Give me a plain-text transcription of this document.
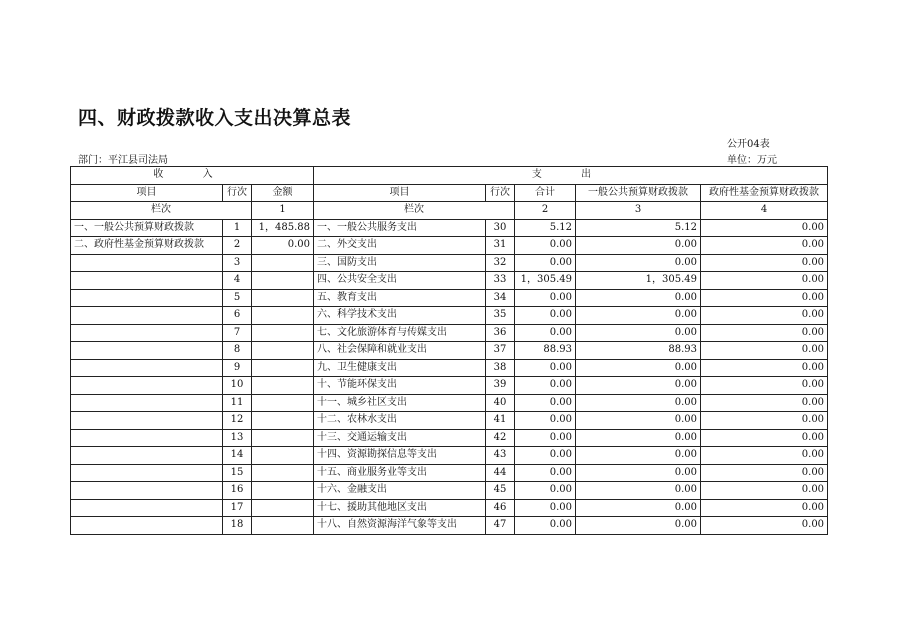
四、财政拨款收入支出决算总表
公开04表
部门：平江县司法局	单位：万元
收 入			支 出				
项目	行次	金额	项目	行次	合计	一般公共预算财政拨款	政府性基金预算财政拨款
栏次		1	栏次		2	3	4
一、一般公共预算财政拨款	1	1，485.88	一、一般公共服务支出	30	5.12	5.12	0.00
二、政府性基金预算财政拨款	2	0.00	二、外交支出	31	0.00	0.00	0.00
	3		三、国防支出	32	0.00	0.00	0.00
	4		四、公共安全支出	33	1，305.49	1，305.49	0.00
	5		五、教育支出	34	0.00	0.00	0.00
	6		六、科学技术支出	35	0.00	0.00	0.00
	7		七、文化旅游体育与传媒支出	36	0.00	0.00	0.00
	8		八、社会保障和就业支出	37	88.93	88.93	0.00
	9		九、卫生健康支出	38	0.00	0.00	0.00
	10		十、节能环保支出	39	0.00	0.00	0.00
	11		十一、城乡社区支出	40	0.00	0.00	0.00
	12		十二、农林水支出	41	0.00	0.00	0.00
	13		十三、交通运输支出	42	0.00	0.00	0.00
	14		十四、资源勘探信息等支出	43	0.00	0.00	0.00
	15		十五、商业服务业等支出	44	0.00	0.00	0.00
	16		十六、金融支出	45	0.00	0.00	0.00
	17		十七、援助其他地区支出	46	0.00	0.00	0.00
	18		十八、自然资源海洋气象等支出	47	0.00	0.00	0.00
